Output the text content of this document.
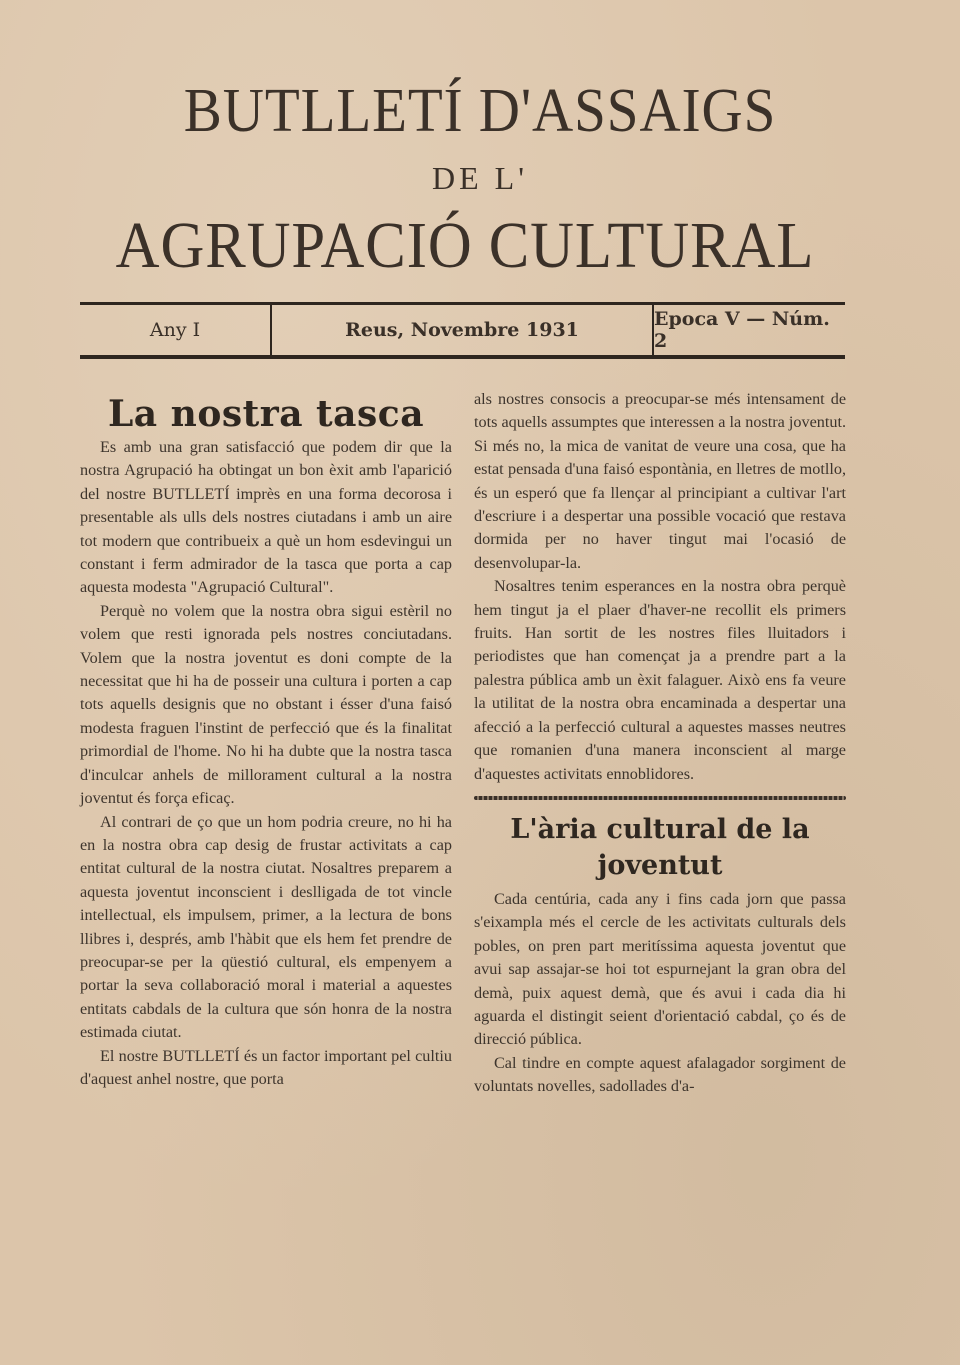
BUTLLETÍ D'ASSAIGS
DE L'
AGRUPACIÓ CULTURAL
Any I	Reus, Novembre 1931	Epoca V — Núm. 2
La nostra tasca

Es amb una gran satisfacció que podem dir que la nostra Agrupació ha obtingat un bon èxit amb l'aparició del nostre BUTLLETÍ imprès en una forma decorosa i presentable als ulls dels nostres ciutadans i amb un aire tot modern que contribueix a què un hom esdevingui un constant i ferm admirador de la tasca que porta a cap aquesta modesta "Agrupació Cultural".

Perquè no volem que la nostra obra sigui estèril no volem que resti ignorada pels nostres conciutadans. Volem que la nostra joventut es doni compte de la necessitat que hi ha de posseir una cultura i porten a cap tots aquells designis que no obstant i ésser d'una faisó modesta fraguen l'instint de perfecció que és la finalitat primordial de l'home. No hi ha dubte que la nostra tasca d'inculcar anhels de millorament cultural a la nostra joventut és força eficaç.

Al contrari de ço que un hom podria creure, no hi ha en la nostra obra cap desig de frustar activitats a cap entitat cultural de la nostra ciutat. Nosaltres preparem a aquesta joventut inconscient i deslligada de tot vincle intellectual, els impulsem, primer, a la lectura de bons llibres i, després, amb l'hàbit que els hem fet prendre de preocupar-se per la qüestió cultural, els empenyem a portar la seva collaboració moral i material a aquestes entitats cabdals de la cultura que són honra de la nostra estimada ciutat.

El nostre BUTLLETÍ és un factor important pel cultiu d'aquest anhel nostre, que porta

als nostres consocis a preocupar-se més intensament de tots aquells assumptes que interessen a la nostra joventut. Si més no, la mica de vanitat de veure una cosa, que ha estat pensada d'una faisó espontània, en lletres de motllo, és un esperó que fa llençar al principiant a cultivar l'art d'escriure i a despertar una possible vocació que restava dormida per no haver tingut mai l'ocasió de desenvolupar-la.

Nosaltres tenim esperances en la nostra obra perquè hem tingut ja el plaer d'haver-ne recollit els primers fruits. Han sortit de les nostres files lluitadors i periodistes que han començat ja a prendre part a la palestra pública amb un èxit falaguer. Això ens fa veure la utilitat de la nostra obra encaminada a despertar una afecció a la perfecció cultural a aquestes masses neutres que romanien d'una manera inconscient al marge d'aquestes activitats ennoblidores.

L'ària cultural de la joventut

Cada centúria, cada any i fins cada jorn que passa s'eixampla més el cercle de les activitats culturals dels pobles, on pren part meritíssima aquesta joventut que avui sap assajar-se hoi tot espurnejant la gran obra del demà, puix aquest demà, que és avui i cada dia hi aguarda el distingit seient d'orientació cabdal, ço és de direcció pública.

Cal tindre en compte aquest afalagador sorgiment de voluntats novelles, sadollades d'a-
